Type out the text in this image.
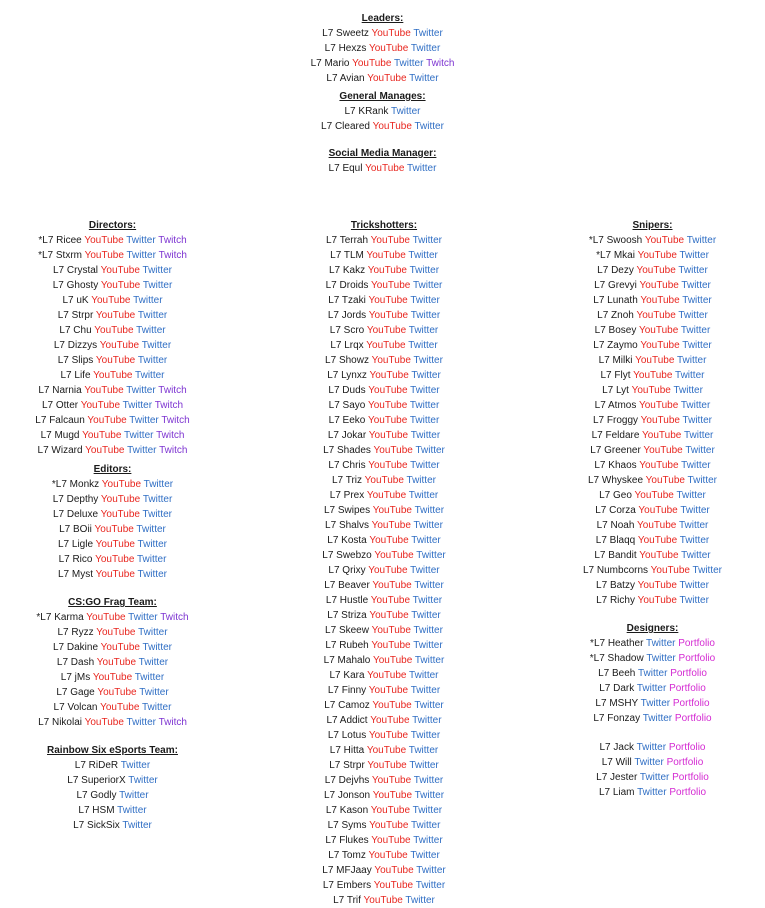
Leaders:
L7 Sweetz YouTube Twitter
L7 Hexzs YouTube Twitter
L7 Mario YouTube Twitter Twitch
L7 Avian YouTube Twitter
General Manages:
L7 KRank Twitter
L7 Cleared YouTube Twitter
Social Media Manager:
L7 Equl YouTube Twitter
Directors:
*L7 Ricee YouTube Twitter Twitch
*L7 Stxrm YouTube Twitter Twitch
L7 Crystal YouTube Twitter
L7 Ghosty YouTube Twitter
L7 uK YouTube Twitter
L7 Strpr YouTube Twitter
L7 Chu YouTube Twitter
L7 Dizzys YouTube Twitter
L7 Slips YouTube Twitter
L7 Life YouTube Twitter
L7 Narnia YouTube Twitter Twitch
L7 Otter YouTube Twitter Twitch
L7 Falcaun YouTube Twitter Twitch
L7 Mugd YouTube Twitter Twitch
L7 Wizard YouTube Twitter Twitch
Editors:
*L7 Monkz YouTube Twitter
L7 Depthy YouTube Twitter
L7 Deluxe YouTube Twitter
L7 BOii YouTube Twitter
L7 Ligle YouTube Twitter
L7 Rico YouTube Twitter
L7 Myst YouTube Twitter
CS:GO Frag Team:
*L7 Karma YouTube Twitter Twitch
L7 Ryzz YouTube Twitter
L7 Dakine YouTube Twitter
L7 Dash YouTube Twitter
L7 jMs YouTube Twitter
L7 Gage YouTube Twitter
L7 Volcan YouTube Twitter
L7 Nikolai YouTube Twitter Twitch
Rainbow Six eSports Team:
L7 RiDeR Twitter
L7 SuperiorX Twitter
L7 Godly Twitter
L7 HSM Twitter
L7 SickSix Twitter
Trickshotters:
L7 Terrah YouTube Twitter
L7 TLM YouTube Twitter
L7 Kakz YouTube Twitter
L7 Droids YouTube Twitter
L7 Tzaki YouTube Twitter
L7 Jords YouTube Twitter
L7 Scro YouTube Twitter
L7 Lrqx YouTube Twitter
L7 Showz YouTube Twitter
L7 Lynxz YouTube Twitter
L7 Duds YouTube Twitter
L7 Sayo YouTube Twitter
L7 Eeko YouTube Twitter
L7 Jokar YouTube Twitter
L7 Shades YouTube Twitter
L7 Chris YouTube Twitter
L7 Triz YouTube Twitter
L7 Prex YouTube Twitter
L7 Swipes YouTube Twitter
L7 Shalvs YouTube Twitter
L7 Kosta YouTube Twitter
L7 Swebzo YouTube Twitter
L7 Qrixy YouTube Twitter
L7 Beaver YouTube Twitter
L7 Hustle YouTube Twitter
L7 Striza YouTube Twitter
L7 Skeew YouTube Twitter
L7 Rubeh YouTube Twitter
L7 Mahalo YouTube Twitter
L7 Kara YouTube Twitter
L7 Finny YouTube Twitter
L7 Camoz YouTube Twitter
L7 Addict YouTube Twitter
L7 Lotus YouTube Twitter
L7 Hitta YouTube Twitter
L7 Strpr YouTube Twitter
L7 Dejvhs YouTube Twitter
L7 Jonson YouTube Twitter
L7 Kason YouTube Twitter
L7 Syms YouTube Twitter
L7 Flukes YouTube Twitter
L7 Tomz YouTube Twitter
L7 MFJaay YouTube Twitter
L7 Embers YouTube Twitter
L7 Trif YouTube Twitter
Snipers:
*L7 Swoosh YouTube Twitter
*L7 Mkai YouTube Twitter
L7 Dezy YouTube Twitter
L7 Grevyi YouTube Twitter
L7 Lunath YouTube Twitter
L7 Znoh YouTube Twitter
L7 Bosey YouTube Twitter
L7 Zaymo YouTube Twitter
L7 Milki YouTube Twitter
L7 Flyt YouTube Twitter
L7 Lyt YouTube Twitter
L7 Atmos YouTube Twitter
L7 Froggy YouTube Twitter
L7 Feldare YouTube Twitter
L7 Greener YouTube Twitter
L7 Khaos YouTube Twitter
L7 Whyskee YouTube Twitter
L7 Geo YouTube Twitter
L7 Corza YouTube Twitter
L7 Noah YouTube Twitter
L7 Blaqq YouTube Twitter
L7 Bandit YouTube Twitter
L7 Numbcorns YouTube Twitter
L7 Batzy YouTube Twitter
L7 Richy YouTube Twitter
Designers:
*L7 Heather Twitter Portfolio
*L7 Shadow Twitter Portfolio
L7 Beeh Twitter Portfolio
L7 Dark Twitter Portfolio
L7 MSHY Twitter Portfolio
L7 Fonzay Twitter Portfolio
L7 Jack Twitter Portfolio
L7 Will Twitter Portfolio
L7 Jester Twitter Portfolio
L7 Liam Twitter Portfolio
